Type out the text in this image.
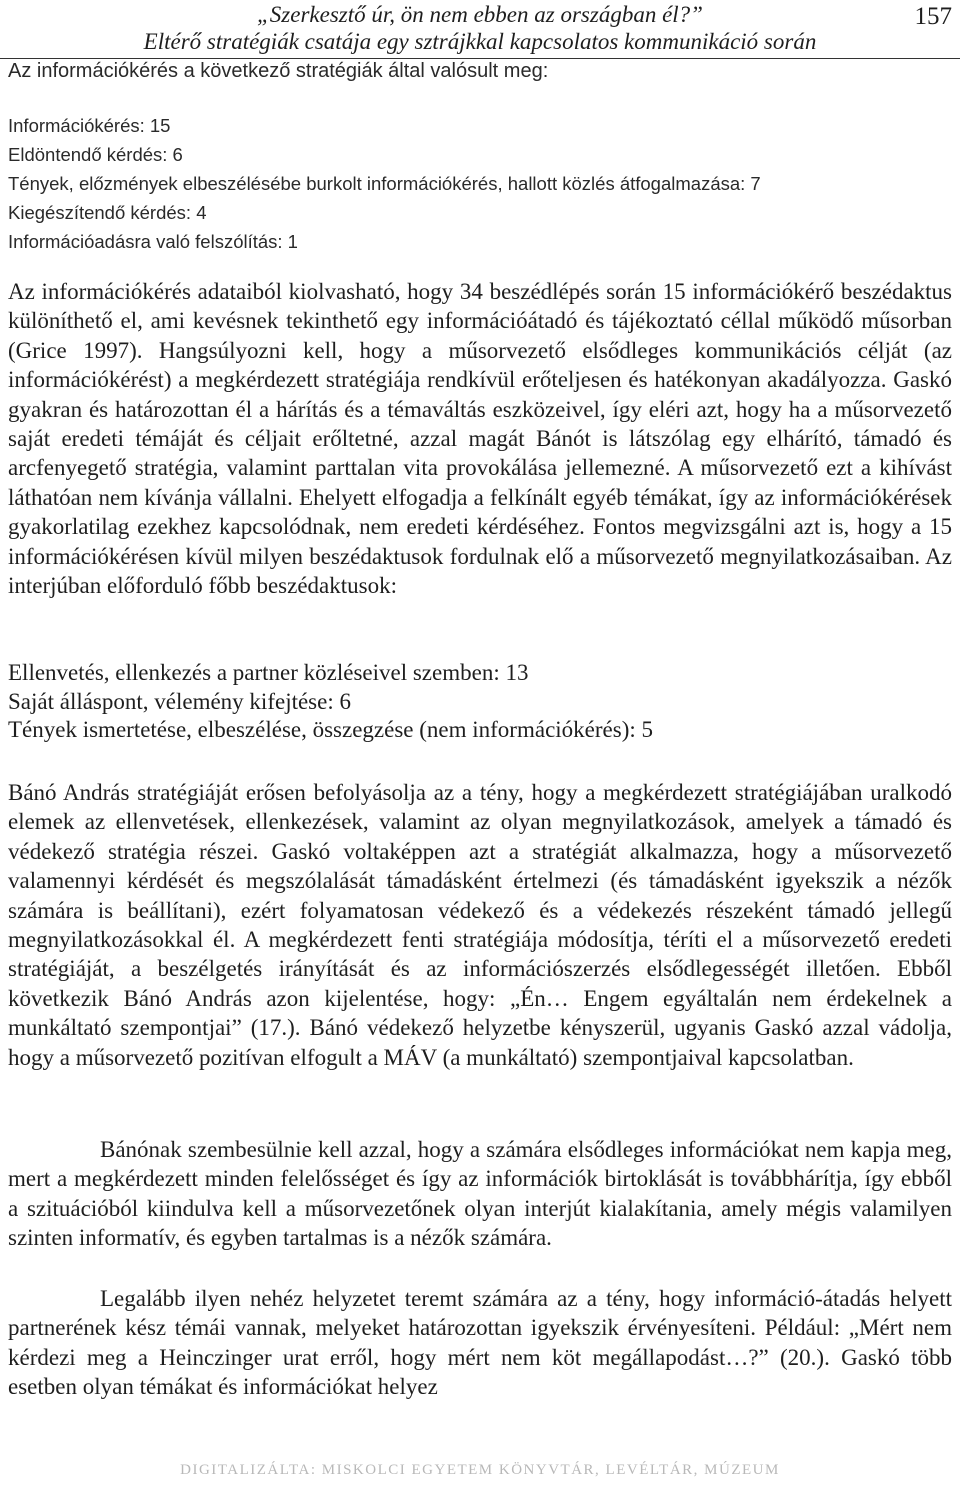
„Szerkesztő úr, ön nem ebben az országban él?”
Eltérő stratégiák csatája egy sztrájkkal kapcsolatos kommunikáció során
157
Az információkérés a következő stratégiák által valósult meg:
Információkérés: 15
Eldöntendő kérdés: 6
Tények, előzmények elbeszélésébe burkolt információkérés, hallott közlés átfogalmazása: 7
Kiegészítendő kérdés: 4
Információadásra való felszólítás: 1
Az információkérés adataiból kiolvasható, hogy 34 beszédlépés során 15 információkérő beszédaktus különíthető el, ami kevésnek tekinthető egy információátadó és tájékoztató céllal működő műsorban (Grice 1997). Hangsúlyozni kell, hogy a műsorvezető elsődleges kommunikációs célját (az információkérést) a megkérdezett stratégiája rendkívül erőteljesen és hatékonyan akadályozza. Gaskó gyakran és határozottan él a hárítás és a témaváltás eszközeivel, így eléri azt, hogy ha a műsorvezető saját eredeti témáját és céljait erőltetné, azzal magát Bánót is látszólag egy elhárító, támadó és arcfenyegető stratégia, valamint parttalan vita provokálása jellemezné. A műsorvezető ezt a kihívást láthatóan nem kívánja vállalni. Ehelyett elfogadja a felkínált egyéb témákat, így az információkérések gyakorlatilag ezekhez kapcsolódnak, nem eredeti kérdéséhez. Fontos megvizsgálni azt is, hogy a 15 információkérésen kívül milyen beszédaktusok fordulnak elő a műsorvezető megnyilatkozásaiban. Az interjúban előforduló főbb beszédaktusok:
Ellenvetés, ellenkezés a partner közléseivel szemben: 13
Saját álláspont, vélemény kifejtése: 6
Tények ismertetése, elbeszélése, összegzése (nem információkérés): 5
Bánó András stratégiáját erősen befolyásolja az a tény, hogy a megkérdezett stratégiájában uralkodó elemek az ellenvetések, ellenkezések, valamint az olyan megnyilatkozások, amelyek a támadó és védekező stratégia részei. Gaskó voltaképpen azt a stratégiát alkalmazza, hogy a műsorvezető valamennyi kérdését és megszólalását támadásként értelmezi (és támadásként igyekszik a nézők számára is beállítani), ezért folyamatosan védekező és a védekezés részeként támadó jellegű megnyilatkozásokkal él. A megkérdezett fenti stratégiája módosítja, téríti el a műsorvezető eredeti stratégiáját, a beszélgetés irányítását és az információszerzés elsődlegességét illetően. Ebből következik Bánó András azon kijelentése, hogy: „Én… Engem egyáltalán nem érdekelnek a munkáltató szempontjai” (17.). Bánó védekező helyzetbe kényszerül, ugyanis Gaskó azzal vádolja, hogy a műsorvezető pozitívan elfogult a MÁV (a munkáltató) szempontjaival kapcsolatban.
Bánónak szembesülnie kell azzal, hogy a számára elsődleges információkat nem kapja meg, mert a megkérdezett minden felelősséget és így az információk birtoklását is továbbhárítja, így ebből a szituációból kiindulva kell a műsorvezetőnek olyan interjút kialakítania, amely mégis valamilyen szinten informatív, és egyben tartalmas is a nézők számára.
Legalább ilyen nehéz helyzetet teremt számára az a tény, hogy információ-átadás helyett partnerének kész témái vannak, melyeket határozottan igyekszik érvényesíteni. Például: „Mért nem kérdezi meg a Heinczinger urat erről, hogy mért nem köt megállapodást…?” (20.). Gaskó több esetben olyan témákat és információkat helyez
DIGITALIZÁLTA: MISKOLCI EGYETEM KÖNYVTÁR, LEVÉLTÁR, MÚZEUM
